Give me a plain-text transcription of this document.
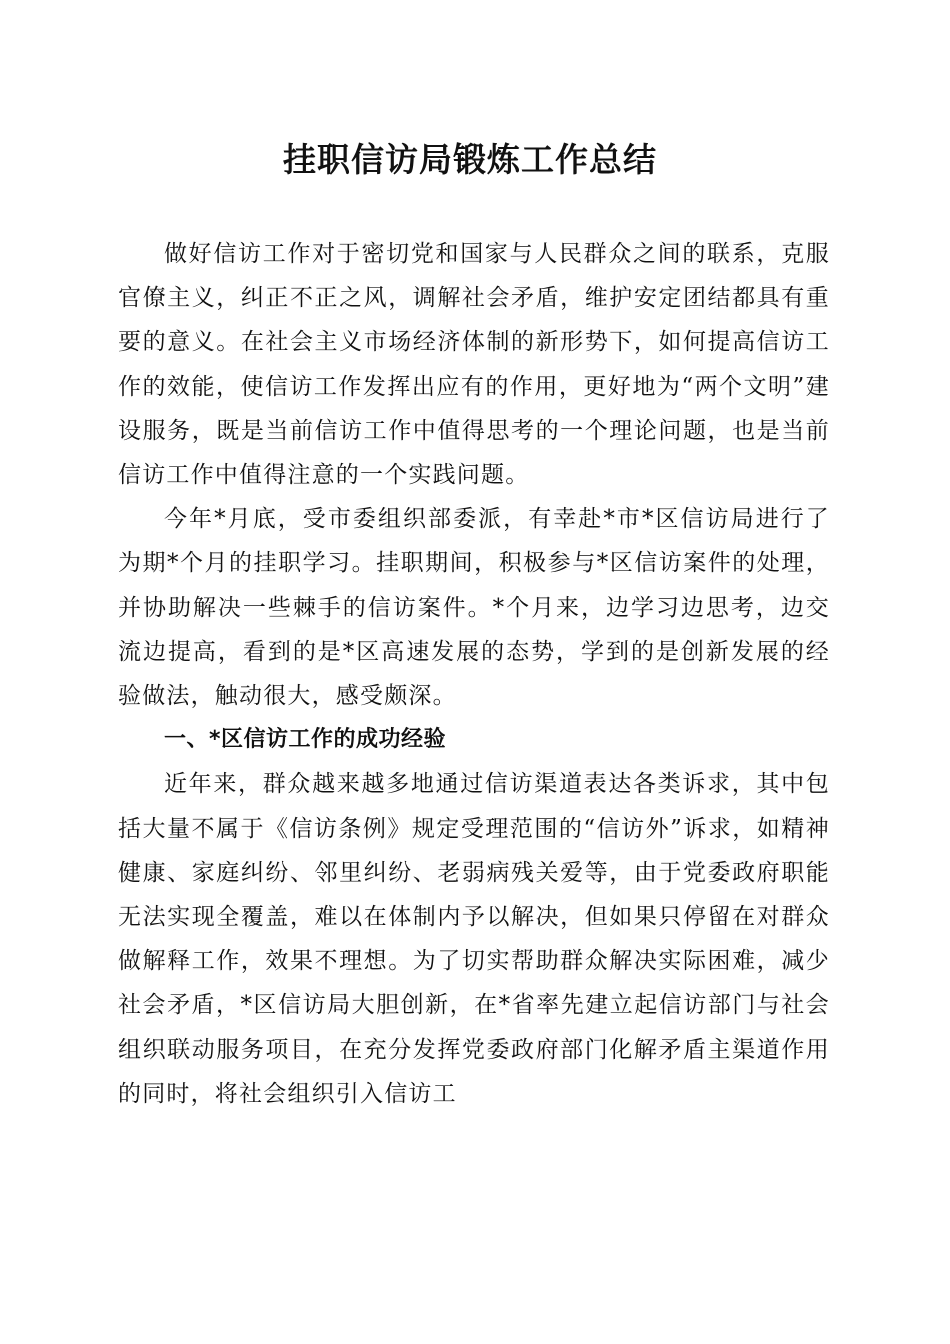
挂职信访局锻炼工作总结

做好信访工作对于密切党和国家与人民群众之间的联系，克服官僚主义，纠正不正之风，调解社会矛盾，维护安定团结都具有重要的意义。在社会主义市场经济体制的新形势下，如何提高信访工作的效能，使信访工作发挥出应有的作用，更好地为“两个文明”建设服务，既是当前信访工作中值得思考的一个理论问题，也是当前信访工作中值得注意的一个实践问题。

今年*月底，受市委组织部委派，有幸赴*市*区信访局进行了为期*个月的挂职学习。挂职期间，积极参与*区信访案件的处理，并协助解决一些棘手的信访案件。*个月来，边学习边思考，边交流边提高，看到的是*区高速发展的态势，学到的是创新发展的经验做法，触动很大，感受颇深。

一、*区信访工作的成功经验

近年来，群众越来越多地通过信访渠道表达各类诉求，其中包括大量不属于《信访条例》规定受理范围的“信访外”诉求，如精神健康、家庭纠纷、邻里纠纷、老弱病残关爱等，由于党委政府职能无法实现全覆盖，难以在体制内予以解决，但如果只停留在对群众做解释工作，效果不理想。为了切实帮助群众解决实际困难，减少社会矛盾，*区信访局大胆创新，在*省率先建立起信访部门与社会组织联动服务项目，在充分发挥党委政府部门化解矛盾主渠道作用的同时，将社会组织引入信访工
